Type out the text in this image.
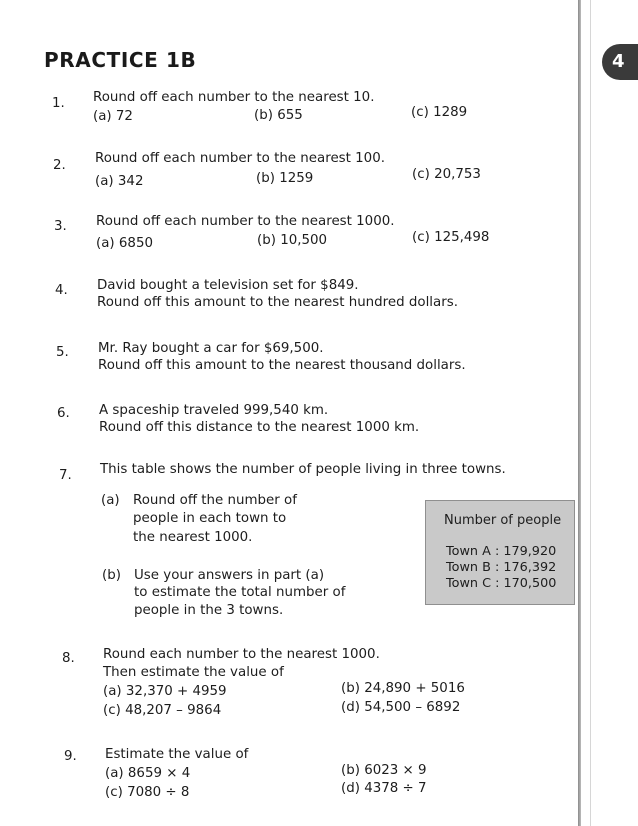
4
PRACTICE 1B
1. Round off each number to the nearest 10.
(a) 72	(b) 655	(c) 1289
2. Round off each number to the nearest 100.
(a) 342	(b) 1259	(c) 20,753
3. Round off each number to the nearest 1000.
(a) 6850	(b) 10,500	(c) 125,498
4. David bought a television set for $849.
Round off this amount to the nearest hundred dollars.
5. Mr. Ray bought a car for $69,500.
Round off this amount to the nearest thousand dollars.
6. A spaceship traveled 999,540 km.
Round off this distance to the nearest 1000 km.
7. This table shows the number of people living in three towns.
(a) Round off the number of
people in each town to
the nearest 1000.
(b) Use your answers in part (a)
to estimate the total number of
people in the 3 towns.
Number of people
Town A : 179,920
Town B : 176,392
Town C : 170,500
8. Round each number to the nearest 1000.
Then estimate the value of
(a) 32,370 + 4959	(b) 24,890 + 5016
(c) 48,207 – 9864	(d) 54,500 – 6892
9. Estimate the value of
(a) 8659 × 4	(b) 6023 × 9
(c) 7080 ÷ 8	(d) 4378 ÷ 7
